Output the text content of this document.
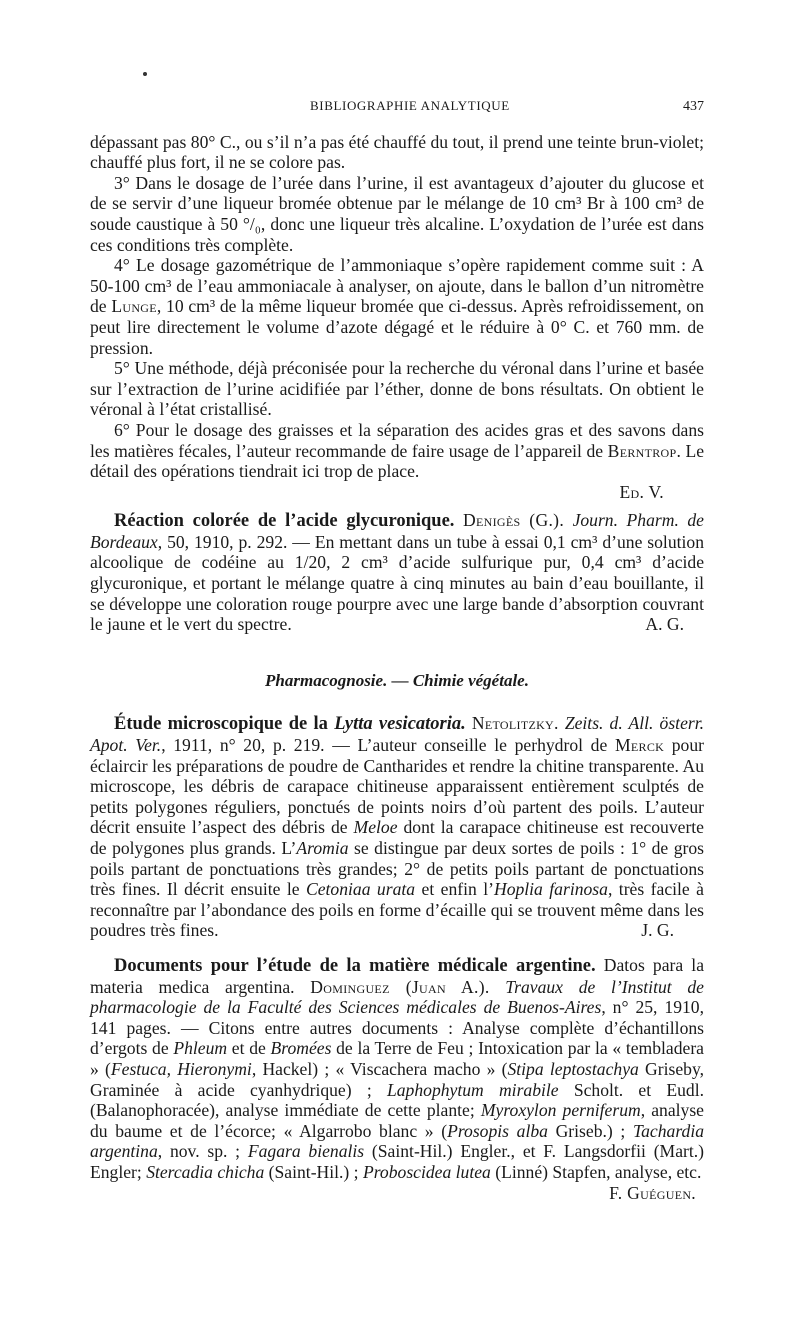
BIBLIOGRAPHIE ANALYTIQUE	437

dépassant pas 80° C., ou s’il n’a pas été chauffé du tout, il prend une teinte brun-violet; chauffé plus fort, il ne se colore pas.

3° Dans le dosage de l’urée dans l’urine, il est avantageux d’ajouter du glucose et de se servir d’une liqueur bromée obtenue par le mélange de 10 cm³ Br à 100 cm³ de soude caustique à 50 °/₀, donc une liqueur très alcaline. L’oxydation de l’urée est dans ces conditions très complète.

4° Le dosage gazométrique de l’ammoniaque s’opère rapidement comme suit : A 50-100 cm³ de l’eau ammoniacale à analyser, on ajoute, dans le ballon d’un nitromètre de Lunge, 10 cm³ de la même liqueur bromée que ci-dessus. Après refroidissement, on peut lire directement le volume d’azote dégagé et le réduire à 0° C. et 760 mm. de pression.

5° Une méthode, déjà préconisée pour la recherche du véronal dans l’urine et basée sur l’extraction de l’urine acidifiée par l’éther, donne de bons résultats. On obtient le véronal à l’état cristallisé.

6° Pour le dosage des graisses et la séparation des acides gras et des savons dans les matières fécales, l’auteur recommande de faire usage de l’appareil de Berntrop. Le détail des opérations tiendrait ici trop de place.

Ed. V.

Réaction colorée de l’acide glycuronique. Denigès (G.). Journ. Pharm. de Bordeaux, 50, 1910, p. 292. — En mettant dans un tube à essai 0,1 cm³ d’une solution alcoolique de codéine au 1/20, 2 cm³ d’acide sulfurique pur, 0,4 cm³ d’acide glycuronique, et portant le mélange quatre à cinq minutes au bain d’eau bouillante, il se développe une coloration rouge pourpre avec une large bande d’absorption couvrant le jaune et le vert du spectre.	A. G.

Pharmacognosie. — Chimie végétale.

Étude microscopique de la Lytta vesicatoria. Netolitzky. Zeits. d. All. österr. Apot. Ver., 1911, n° 20, p. 219. — L’auteur conseille le perhydrol de Merck pour éclaircir les préparations de poudre de Cantharides et rendre la chitine transparente. Au microscope, les débris de carapace chitineuse apparaissent entièrement sculptés de petits polygones réguliers, ponctués de points noirs d’où partent des poils. L’auteur décrit ensuite l’aspect des débris de Meloe dont la carapace chitineuse est recouverte de polygones plus grands. L’Aromia se distingue par deux sortes de poils : 1° de gros poils partant de ponctuations très grandes; 2° de petits poils partant de ponctuations très fines. Il décrit ensuite le Cetoniaa urata et enfin l’Hoplia farinosa, très facile à reconnaître par l’abondance des poils en forme d’écaille qui se trouvent même dans les poudres très fines.	J. G.

Documents pour l’étude de la matière médicale argentine. Datos para la materia medica argentina. Dominguez (Juan A.). Travaux de l’Institut de pharmacologie de la Faculté des Sciences médicales de Buenos-Aires, n° 25, 1910, 141 pages. — Citons entre autres documents : Analyse complète d’échantillons d’ergots de Phleum et de Bromées de la Terre de Feu ; Intoxication par la « tembladera » (Festuca, Hieronymi, Hackel) ; « Viscachera macho » (Stipa leptostachya Griseby, Graminée à acide cyanhydrique) ; Laphophytum mirabile Scholt. et Eudl. (Balanophoracée), analyse immédiate de cette plante; Myroxylon perniferum, analyse du baume et de l’écorce; « Algarrobo blanc » (Prosopis alba Griseb.) ; Tachardia argentina, nov. sp. ; Fagara bienalis (Saint-Hil.) Engler., et F. Langsdorfii (Mart.) Engler; Stercadia chicha (Saint-Hil.) ; Proboscidea lutea (Linné) Stapfen, analyse, etc.
F. Guéguen.
